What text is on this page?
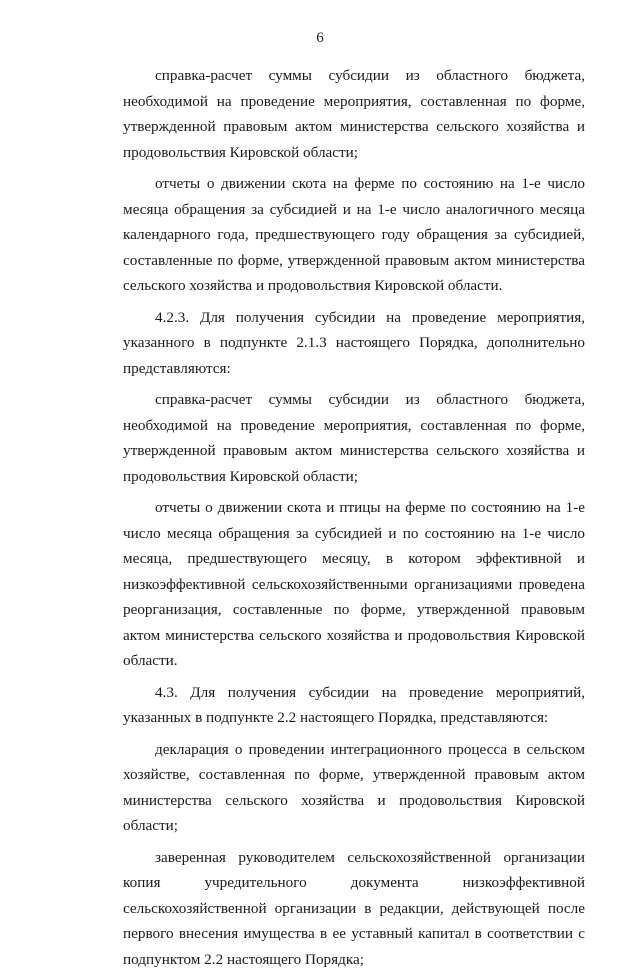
6

справка-расчет суммы субсидии из областного бюджета, необходимой на проведение мероприятия, составленная по форме, утвержденной правовым актом министерства сельского хозяйства и продовольствия Кировской области;

отчеты о движении скота на ферме по состоянию на 1-е число месяца обращения за субсидией и на 1-е число аналогичного месяца календарного года, предшествующего году обращения за субсидией, составленные по форме, утвержденной правовым актом министерства сельского хозяйства и продовольствия Кировской области.

4.2.3. Для получения субсидии на проведение мероприятия, указанного в подпункте 2.1.3 настоящего Порядка, дополнительно представляются:

справка-расчет суммы субсидии из областного бюджета, необходимой на проведение мероприятия, составленная по форме, утвержденной правовым актом министерства сельского хозяйства и продовольствия Кировской области;

отчеты о движении скота и птицы на ферме по состоянию на 1-е число месяца обращения за субсидией и по состоянию на 1-е число месяца, предшествующего месяцу, в котором эффективной и низкоэффективной сельскохозяйственными организациями проведена реорганизация, составленные по форме, утвержденной правовым актом министерства сельского хозяйства и продовольствия Кировской области.

4.3. Для получения субсидии на проведение мероприятий, указанных в подпункте 2.2 настоящего Порядка, представляются:

декларация о проведении интеграционного процесса в сельском хозяйстве, составленная по форме, утвержденной правовым актом министерства сельского хозяйства и продовольствия Кировской области;

заверенная руководителем сельскохозяйственной организации копия учредительного документа низкоэффективной сельскохозяйственной организации в редакции, действующей после первого внесения имущества в ее уставный капитал в соответствии с подпунктом 2.2 настоящего Порядка;
